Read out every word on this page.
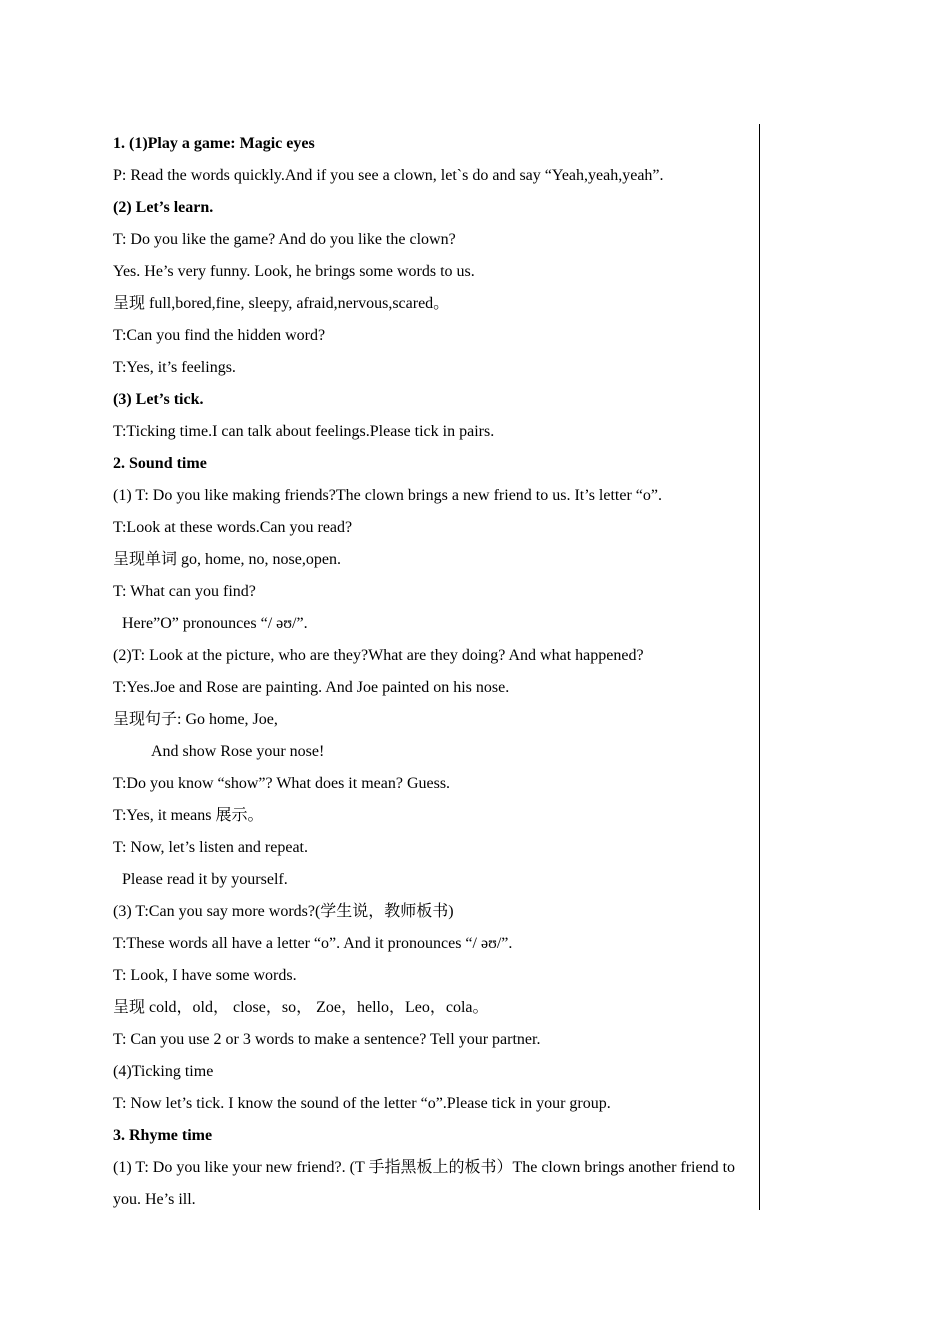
1. (1)Play a game: Magic eyes
P: Read the words quickly.And if you see a clown, let`s do and say “Yeah,yeah,yeah”.
(2) Let’s learn.
T: Do you like the game? And do you like the clown?
Yes. He’s very funny. Look, he brings some words to us.
呈现 full,bored,fine, sleepy, afraid,nervous,scared。
T:Can you find the hidden word?
T:Yes, it’s feelings.
(3) Let’s tick.
T:Ticking time.I can talk about feelings.Please tick in pairs.
2. Sound time
(1) T: Do you like making friends?The clown brings a new friend to us. It’s letter “o”.
T:Look at these words.Can you read?
呈现单词 go, home, no, nose,open.
T: What can you find?
Here”O” pronounces “/ əʊ/”.
(2)T: Look at the picture, who are they?What are they doing? And what happened?
T:Yes.Joe and Rose are painting. And Joe painted on his nose.
呈现句子: Go home, Joe,
And show Rose your nose!
T:Do you know “show”? What does it mean? Guess.
T:Yes, it means 展示。
T: Now, let’s listen and repeat.
Please read it by yourself.
(3) T:Can you say more words?(学生说，教师板书)
T:These words all have a letter “o”. And it pronounces “/ əʊ/”.
T: Look, I have some words.
呈现 cold，old， close，so， Zoe，hello，Leo，cola。
T: Can you use 2 or 3 words to make a sentence? Tell your partner.
(4)Ticking time
T: Now let’s tick. I know the sound of the letter “o”.Please tick in your group.
3. Rhyme time
(1) T: Do you like your new friend?. (T 手指黑板上的板书）The clown brings another friend to you. He’s ill.
